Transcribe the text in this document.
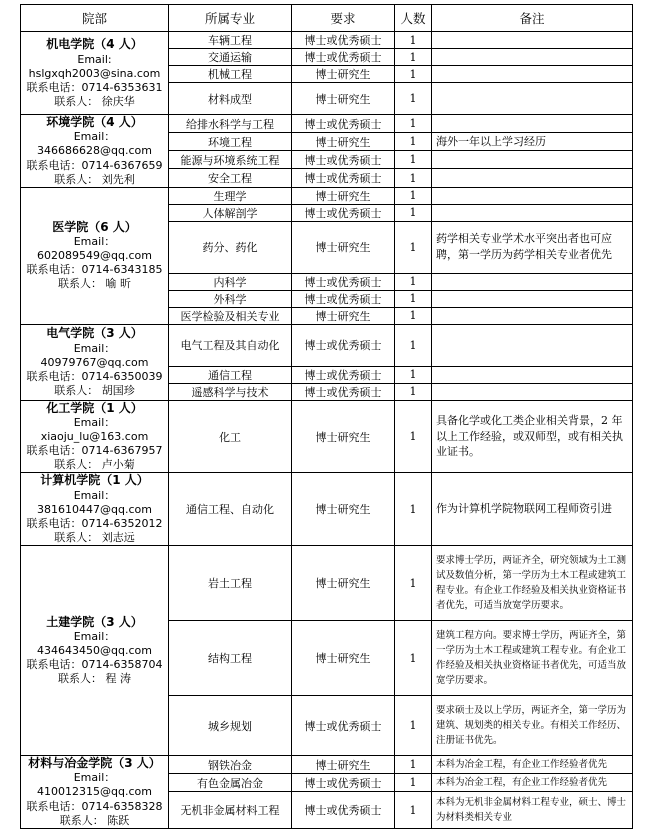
院部	所属专业	要求	人数	备注

机电学院（4 人）
Email:
hslgxqh2003@sina.com
联系电话：0714-6353631
联系人： 徐庆华	车辆工程	博士或优秀硕士	1	
	交通运输	博士或优秀硕士	1	
	机械工程	博士研究生	1	
	材料成型	博士研究生	1	

环境学院（4 人）
Email：346686628@qq.com
联系电话：0714-6367659
联系人： 刘先利	给排水科学与工程	博士或优秀硕士	1	
	环境工程	博士研究生	1	海外一年以上学习经历
	能源与环境系统工程	博士或优秀硕士	1	
	安全工程	博士或优秀硕士	1	

医学院（6 人）
Email：602089549@qq.com
联系电话：0714-6343185
联系人： 喻 昕	生理学	博士研究生	1	
	人体解剖学	博士或优秀硕士	1	
	药分、药化	博士研究生	1	药学相关专业学术水平突出者也可应聘，第一学历为药学相关专业者优先
	内科学	博士或优秀硕士	1	
	外科学	博士或优秀硕士	1	
	医学检验及相关专业	博士研究生	1	

电气学院（3 人）
Email：40979767@qq.com
联系电话：0714-6350039
联系人： 胡国珍	电气工程及其自动化	博士或优秀硕士	1	
	通信工程	博士或优秀硕士	1	
	遥感科学与技术	博士或优秀硕士	1	

化工学院（1 人）
Email：xiaoju_lu@163.com
联系电话：0714-6367957
联系人： 卢小菊	化工	博士研究生	1	具备化学或化工类企业相关背景，2 年以上工作经验，或双师型，或有相关执业证书。

计算机学院（1 人）
Email：381610447@qq.com
联系电话：0714-6352012
联系人： 刘志远	通信工程、自动化	博士研究生	1	作为计算机学院物联网工程师资引进

土建学院（3 人）
Email：434643450@qq.com
联系电话：0714-6358704
联系人： 程 涛	岩土工程	博士研究生	1	要求博士学历，两证齐全，研究领域为土工测试及数值分析，第一学历为土木工程或建筑工程专业。有企业工作经验及相关执业资格证书者优先，可适当放宽学历要求。
	结构工程	博士研究生	1	建筑工程方向。要求博士学历，两证齐全，第一学历为土木工程或建筑工程专业。有企业工作经验及相关执业资格证书者优先，可适当放宽学历要求。
	城乡规划	博士或优秀硕士	1	要求硕士及以上学历，两证齐全，第一学历为建筑、规划类的相关专业。有相关工作经历、注册证书优先。

材料与冶金学院（3 人）
Email：410012315@qq.com
联系电话：0714-6358328
联系人： 陈跃	钢铁冶金	博士研究生	1	本科为冶金工程，有企业工作经验者优先
	有色金属冶金	博士或优秀硕士	1	本科为冶金工程，有企业工作经验者优先
	无机非金属材料工程	博士或优秀硕士	1	本科为无机非金属材料工程专业，硕士、博士为材料类相关专业
